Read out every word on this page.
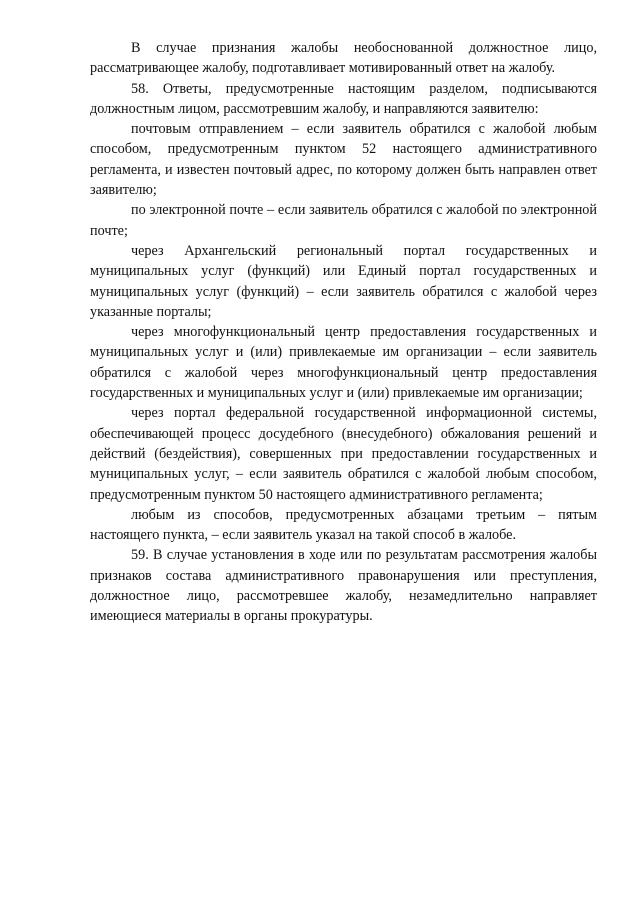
В случае признания жалобы необоснованной должностное лицо, рассматривающее жалобу, подготавливает мотивированный ответ на жалобу.

58. Ответы, предусмотренные настоящим разделом, подписываются должностным лицом, рассмотревшим жалобу, и направляются заявителю:

почтовым отправлением – если заявитель обратился с жалобой любым способом, предусмотренным пунктом 52 настоящего административного регламента, и известен почтовый адрес, по которому должен быть направлен ответ заявителю;

по электронной почте – если заявитель обратился с жалобой по электронной почте;

через Архангельский региональный портал государственных и муниципальных услуг (функций) или Единый портал государственных и муниципальных услуг (функций) – если заявитель обратился с жалобой через указанные порталы;

через многофункциональный центр предоставления государственных и муниципальных услуг и (или) привлекаемые им организации – если заявитель обратился с жалобой через многофункциональный центр предоставления государственных и муниципальных услуг и (или) привлекаемые им организации;

через портал федеральной государственной информационной системы, обеспечивающей процесс досудебного (внесудебного) обжалования решений и действий (бездействия), совершенных при предоставлении государственных и муниципальных услуг, – если заявитель обратился с жалобой любым способом, предусмотренным пунктом 50 настоящего административного регламента;

любым из способов, предусмотренных абзацами третьим – пятым настоящего пункта, – если заявитель указал на такой способ в жалобе.

59. В случае установления в ходе или по результатам рассмотрения жалобы признаков состава административного правонарушения или преступления, должностное лицо, рассмотревшее жалобу, незамедлительно направляет имеющиеся материалы в органы прокуратуры.
